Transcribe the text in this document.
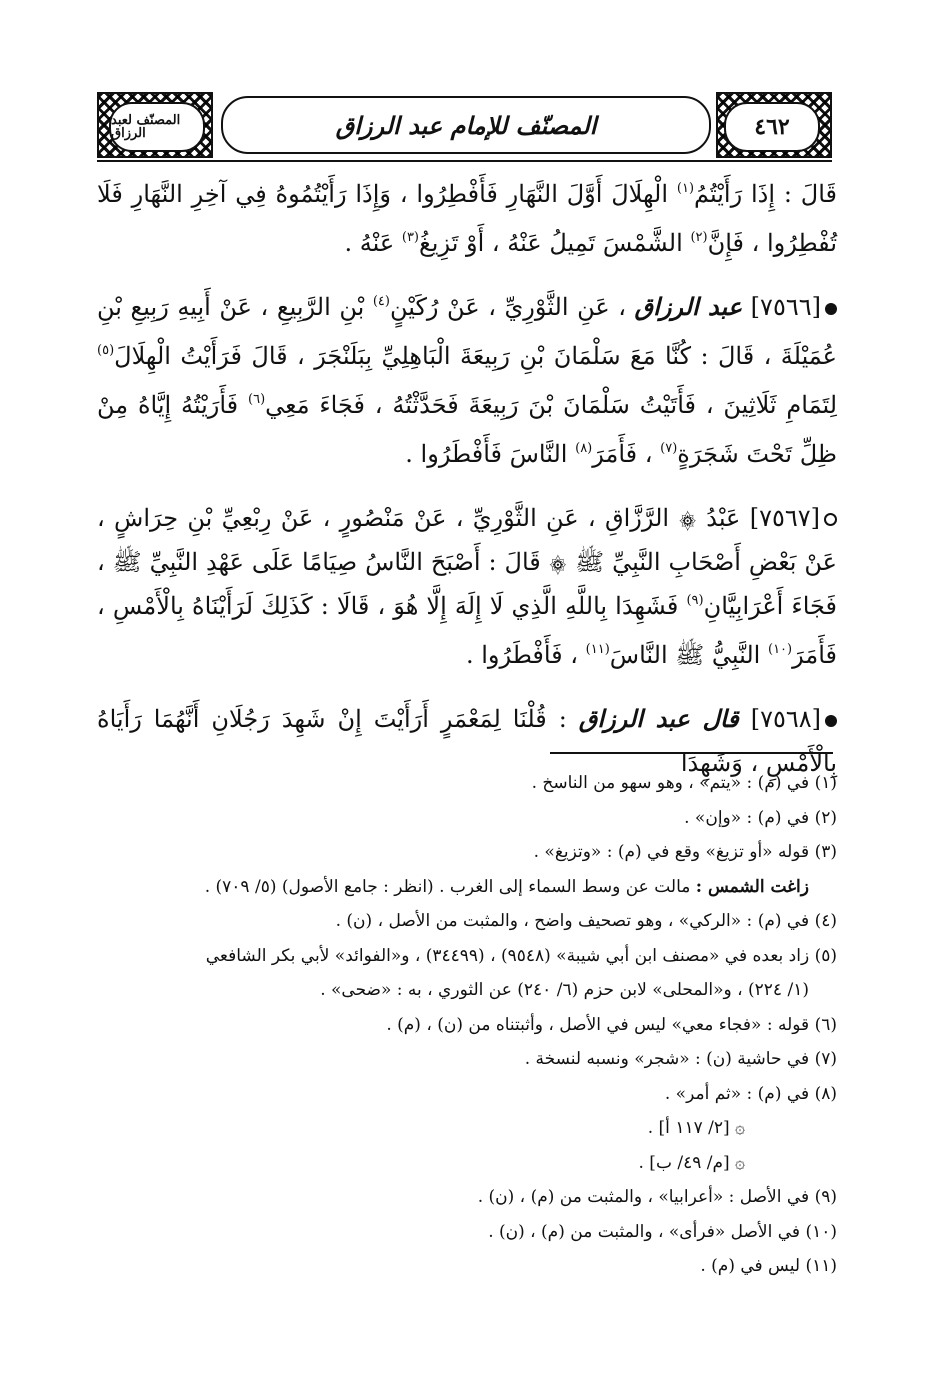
المصنّف لعبد الرزاق	المصنّف للإمام عبد الرزاق	٤٦٢

قَالَ : إِذَا رَأَيْتُمُ$^{(١)}$ الْهِلَالَ أَوَّلَ النَّهَارِ فَأَفْطِرُوا ، وَإِذَا رَأَيْتُمُوهُ فِي آخِرِ النَّهَارِ فَلَا تُفْطِرُوا ، فَإِنَّ$^{(٢)}$ الشَّمْسَ تَمِيلُ عَنْهُ ، أَوْ تَزِيغُ$^{(٣)}$ عَنْهُ .

[٧٥٦٦] عبد الرزاق ، عَنِ الثَّوْرِيِّ ، عَنْ رُكَيْنٍ$^{(٤)}$ بْنِ الرَّبِيعِ ، عَنْ أَبِيهِ رَبِيعِ بْنِ عُمَيْلَةَ ، قَالَ : كُنَّا مَعَ سَلْمَانَ بْنِ رَبِيعَةَ الْبَاهِلِيِّ بِبَلَنْجَرَ ، قَالَ فَرَأَيْتُ الْهِلَالَ$^{(٥)}$ لِتَمَامِ ثَلَاثِينَ ، فَأَتَيْتُ سَلْمَانَ بْنَ رَبِيعَةَ فَحَدَّثْتُهُ ، فَجَاءَ مَعِي$^{(٦)}$ فَأَرَيْتُهُ إِيَّاهُ مِنْ ظِلِّ تَحْتَ شَجَرَةٍ$^{(٧)}$ ، فَأَمَرَ$^{(٨)}$ النَّاسَ فَأَفْطَرُوا .

[٧٥٦٧] عَبْدُ ۞ الرَّزَّاقِ ، عَنِ الثَّوْرِيِّ ، عَنْ مَنْصُورٍ ، عَنْ رِبْعِيِّ بْنِ حِرَاشٍ ، عَنْ بَعْضِ أَصْحَابِ النَّبِيِّ ﷺ ۞ قَالَ : أَصْبَحَ النَّاسُ صِيَامًا عَلَى عَهْدِ النَّبِيِّ ﷺ ، فَجَاءَ أَعْرَابِيَّانِ$^{(٩)}$ فَشَهِدَا بِاللَّهِ الَّذِي لَا إِلَهَ إِلَّا هُوَ ، قَالَا : كَذَلِكَ لَرَأَيْنَاهُ بِالْأَمْسِ ، فَأَمَرَ$^{(١٠)}$ النَّبِيُّ ﷺ النَّاسَ$^{(١١)}$ ، فَأَفْطَرُوا .

[٧٥٦٨] قال عبد الرزاق : قُلْنَا لِمَعْمَرٍ أَرَأَيْتَ إِنْ شَهِدَ رَجُلَانِ أَنَّهُمَا رَأَيَاهُ بِالْأَمْسِ ، وَشَهِدَا

(١) في (م) : «يتم» ، وهو سهو من الناسخ .

(٢) في (م) : «وإن» .

(٣) قوله «أو تزيغ» وقع في (م) : «وتزيغ» .

زاغت الشمس : مالت عن وسط السماء إلى الغرب . (انظر : جامع الأصول) (٥/ ٧٠٩) .

(٤) في (م) : «الركي» ، وهو تصحيف واضح ، والمثبت من الأصل ، (ن) .

(٥) زاد بعده في «مصنف ابن أبي شيبة» (٩٥٤٨) ، (٣٤٤٩٩) ، و«الفوائد» لأبي بكر الشافعي

(١/ ٢٢٤) ، و«المحلى» لابن حزم (٦/ ٢٤٠) عن الثوري ، به : «ضحى» .

(٦) قوله : «فجاء معي» ليس في الأصل ، وأثبتناه من (ن) ، (م) .

(٧) في حاشية (ن) : «شجر» ونسبه لنسخة .

(٨) في (م) : «ثم أمر» .

۞ [٢/ ١١٧ أ] .

۞ [م/ ٤٩/ ب] .

(٩) في الأصل : «أعرابيا» ، والمثبت من (م) ، (ن) .

(١٠) في الأصل «فرأى» ، والمثبت من (م) ، (ن) .

(١١) ليس في (م) .
